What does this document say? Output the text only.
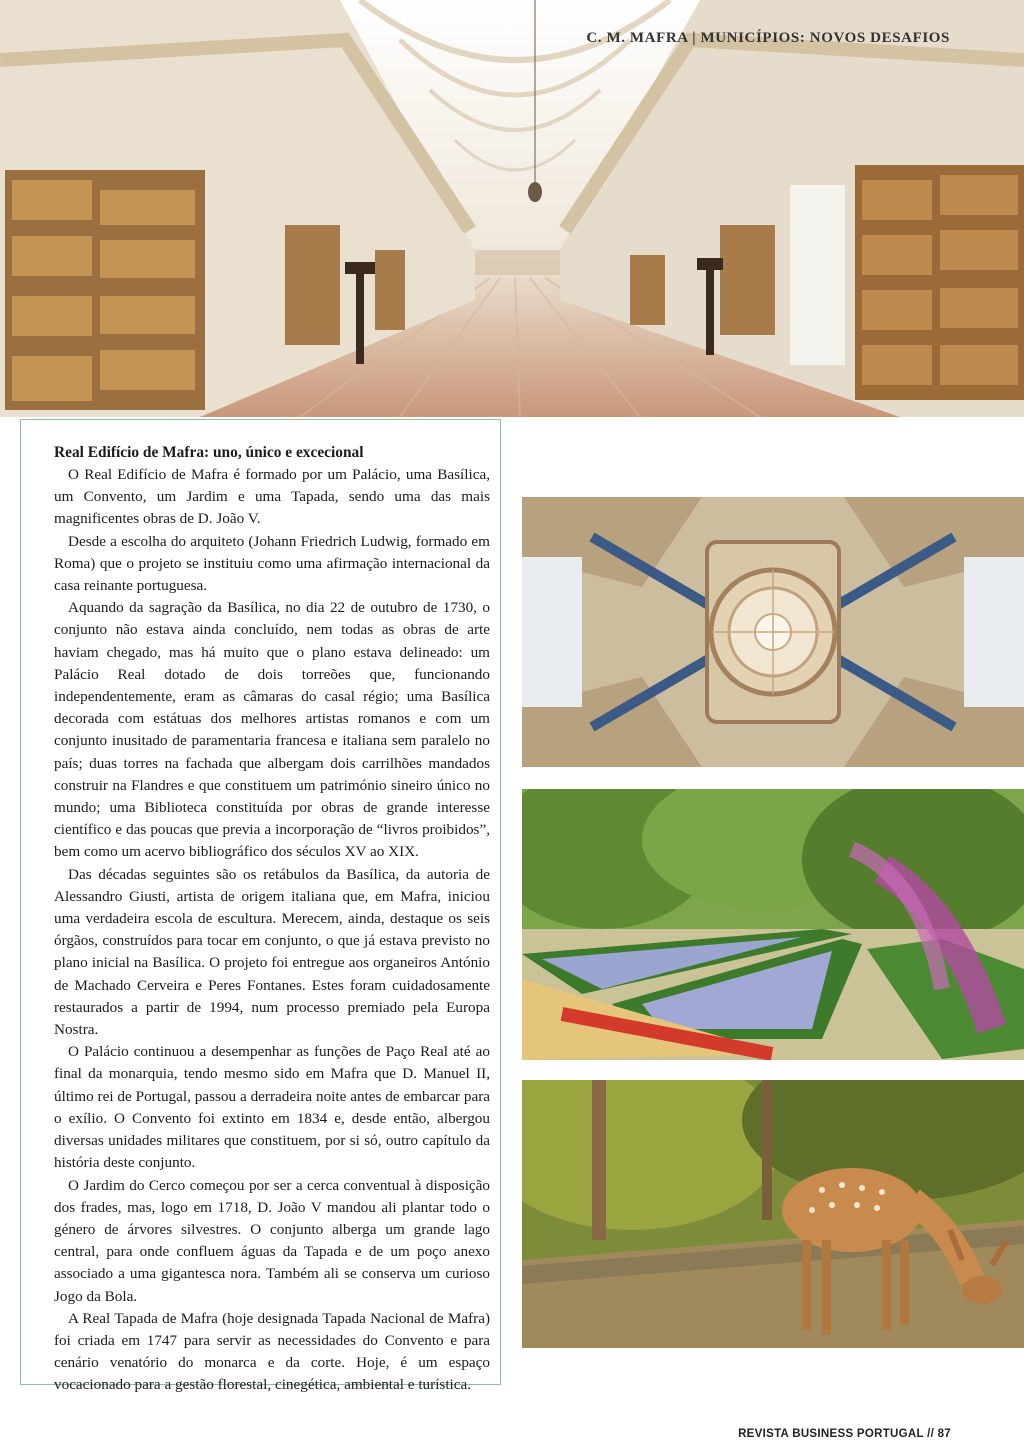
C. M. MAFRA | MUNICÍPIOS: NOVOS DESAFIOS
Real Edifício de Mafra: uno, único e excecional

O Real Edifício de Mafra é formado por um Palácio, uma Basílica, um Convento, um Jardim e uma Tapada, sendo uma das mais magnificentes obras de D. João V.

Desde a escolha do arquiteto (Johann Friedrich Ludwig, formado em Roma) que o projeto se instituiu como uma afirmação internacional da casa reinante portuguesa.

Aquando da sagração da Basílica, no dia 22 de outubro de 1730, o conjunto não estava ainda concluído, nem todas as obras de arte haviam chegado, mas há muito que o plano estava delineado: um Palácio Real dotado de dois torreões que, funcionando independentemente, eram as câmaras do casal régio; uma Basílica decorada com estátuas dos melhores artistas romanos e com um conjunto inusitado de paramentaria francesa e italiana sem paralelo no país; duas torres na fachada que albergam dois carrilhões mandados construir na Flandres e que constituem um património sineiro único no mundo; uma Biblioteca constituída por obras de grande interesse científico e das poucas que previa a incorporação de “livros proibidos”, bem como um acervo bibliográfico dos séculos XV ao XIX.

Das décadas seguintes são os retábulos da Basílica, da autoria de Alessandro Giusti, artista de origem italiana que, em Mafra, iniciou uma verdadeira escola de escultura. Merecem, ainda, destaque os seis órgãos, construídos para tocar em conjunto, o que já estava previsto no plano inicial na Basílica. O projeto foi entregue aos organeiros António de Machado Cerveira e Peres Fontanes. Estes foram cuidadosamente restaurados a partir de 1994, num processo premiado pela Europa Nostra.

O Palácio continuou a desempenhar as funções de Paço Real até ao final da monarquia, tendo mesmo sido em Mafra que D. Manuel II, último rei de Portugal, passou a derradeira noite antes de embarcar para o exílio. O Convento foi extinto em 1834 e, desde então, albergou diversas unidades militares que constituem, por si só, outro capítulo da história deste conjunto.

O Jardim do Cerco começou por ser a cerca conventual à disposição dos frades, mas, logo em 1718, D. João V mandou ali plantar todo o género de árvores silvestres. O conjunto alberga um grande lago central, para onde confluem águas da Tapada e de um poço anexo associado a uma gigantesca nora. Também ali se conserva um curioso Jogo da Bola.

A Real Tapada de Mafra (hoje designada Tapada Nacional de Mafra) foi criada em 1747 para servir as necessidades do Convento e para cenário venatório do monarca e da corte. Hoje, é um espaço vocacionado para a gestão florestal, cinegética, ambiental e turística.

REVISTA BUSINESS PORTUGAL // 87
